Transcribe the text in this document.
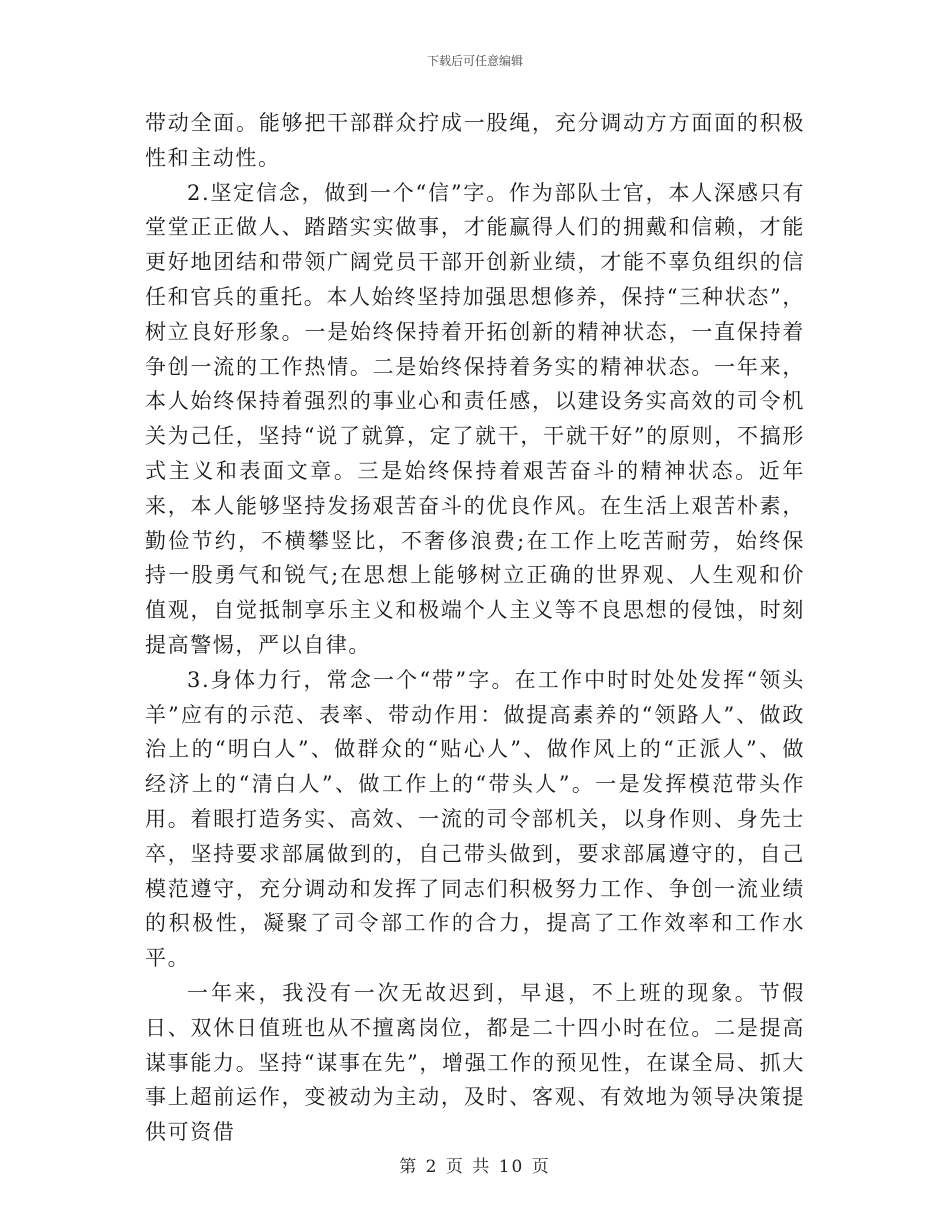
下载后可任意编辑

带动全面。能够把干部群众拧成一股绳，充分调动方方面面的积极性和主动性。

2.坚定信念，做到一个“信”字。作为部队士官，本人深感只有堂堂正正做人、踏踏实实做事，才能赢得人们的拥戴和信赖，才能更好地团结和带领广阔党员干部开创新业绩，才能不辜负组织的信任和官兵的重托。本人始终坚持加强思想修养，保持“三种状态”，树立良好形象。一是始终保持着开拓创新的精神状态，一直保持着争创一流的工作热情。二是始终保持着务实的精神状态。一年来，本人始终保持着强烈的事业心和责任感，以建设务实高效的司令机关为己任，坚持“说了就算，定了就干，干就干好”的原则，不搞形式主义和表面文章。三是始终保持着艰苦奋斗的精神状态。近年来，本人能够坚持发扬艰苦奋斗的优良作风。在生活上艰苦朴素，勤俭节约，不横攀竖比，不奢侈浪费;在工作上吃苦耐劳，始终保持一股勇气和锐气;在思想上能够树立正确的世界观、人生观和价值观，自觉抵制享乐主义和极端个人主义等不良思想的侵蚀，时刻提高警惕，严以自律。

3.身体力行，常念一个“带”字。在工作中时时处处发挥“领头羊”应有的示范、表率、带动作用：做提高素养的“领路人”、做政治上的“明白人”、做群众的“贴心人”、做作风上的“正派人”、做经济上的“清白人”、做工作上的“带头人”。一是发挥模范带头作用。着眼打造务实、高效、一流的司令部机关，以身作则、身先士卒，坚持要求部属做到的，自己带头做到，要求部属遵守的，自己模范遵守，充分调动和发挥了同志们积极努力工作、争创一流业绩的积极性，凝聚了司令部工作的合力，提高了工作效率和工作水平。

一年来，我没有一次无故迟到，早退，不上班的现象。节假日、双休日值班也从不擅离岗位，都是二十四小时在位。二是提高谋事能力。坚持“谋事在先”，增强工作的预见性，在谋全局、抓大事上超前运作，变被动为主动，及时、客观、有效地为领导决策提供可资借

第 2 页 共 10 页
